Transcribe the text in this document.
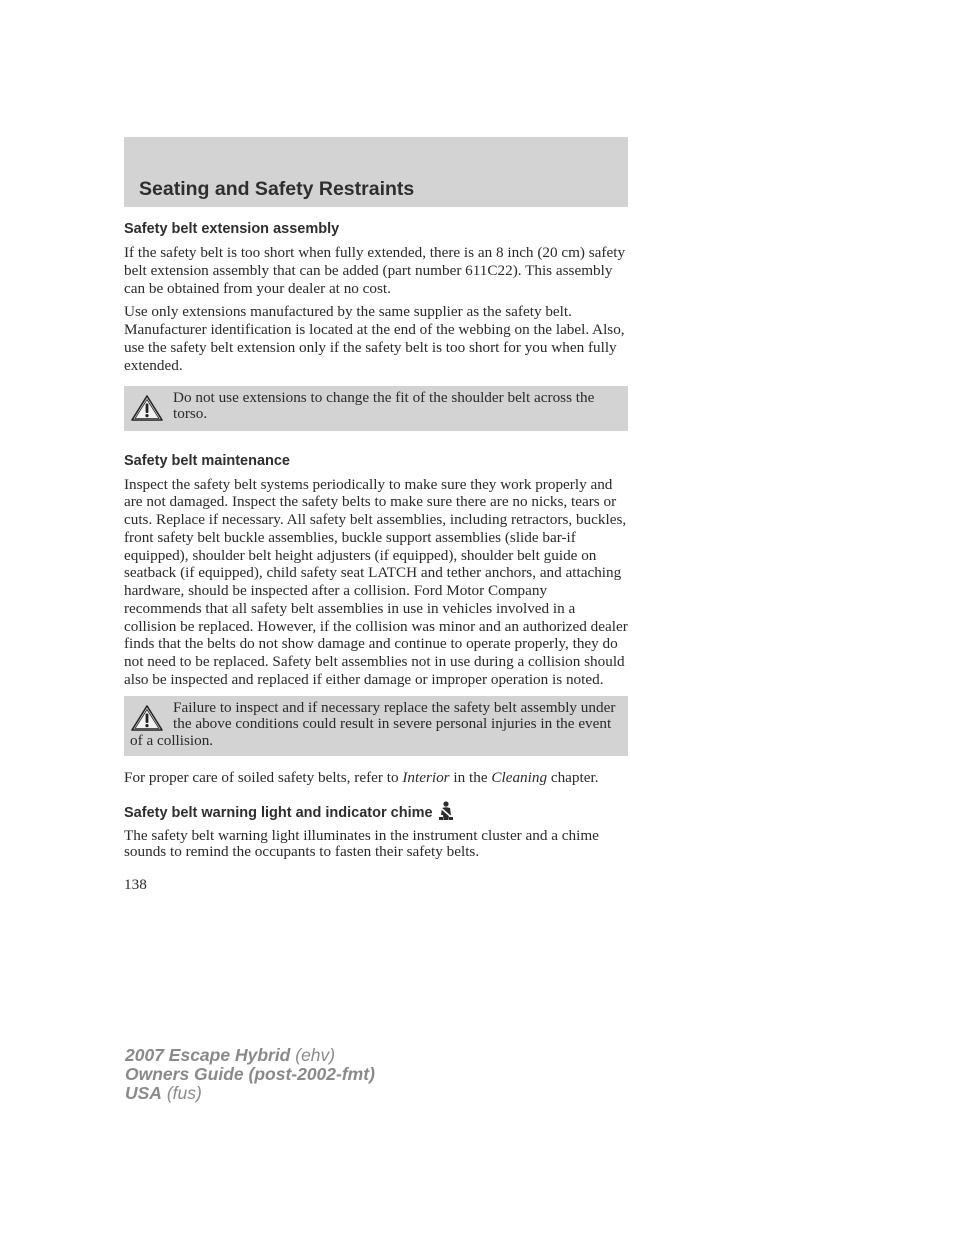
Seating and Safety Restraints
Safety belt extension assembly

If the safety belt is too short when fully extended, there is an 8 inch (20 cm) safety belt extension assembly that can be added (part number 611C22). This assembly can be obtained from your dealer at no cost.

Use only extensions manufactured by the same supplier as the safety belt. Manufacturer identification is located at the end of the webbing on the label. Also, use the safety belt extension only if the safety belt is too short for you when fully extended.

Do not use extensions to change the fit of the shoulder belt across the torso.
Safety belt maintenance

Inspect the safety belt systems periodically to make sure they work properly and are not damaged. Inspect the safety belts to make sure there are no nicks, tears or cuts. Replace if necessary. All safety belt assemblies, including retractors, buckles, front safety belt buckle assemblies, buckle support assemblies (slide bar-if equipped), shoulder belt height adjusters (if equipped), shoulder belt guide on seatback (if equipped), child safety seat LATCH and tether anchors, and attaching hardware, should be inspected after a collision. Ford Motor Company recommends that all safety belt assemblies in use in vehicles involved in a collision be replaced. However, if the collision was minor and an authorized dealer finds that the belts do not show damage and continue to operate properly, they do not need to be replaced. Safety belt assemblies not in use during a collision should also be inspected and replaced if either damage or improper operation is noted.

Failure to inspect and if necessary replace the safety belt assembly under the above conditions could result in severe personal injuries in the event of a collision.

For proper care of soiled safety belts, refer to Interior in the Cleaning chapter.

Safety belt warning light and indicator chime

The safety belt warning light illuminates in the instrument cluster and a chime sounds to remind the occupants to fasten their safety belts.

138

2007 Escape Hybrid (ehv)
Owners Guide (post-2002-fmt)
USA (fus)
